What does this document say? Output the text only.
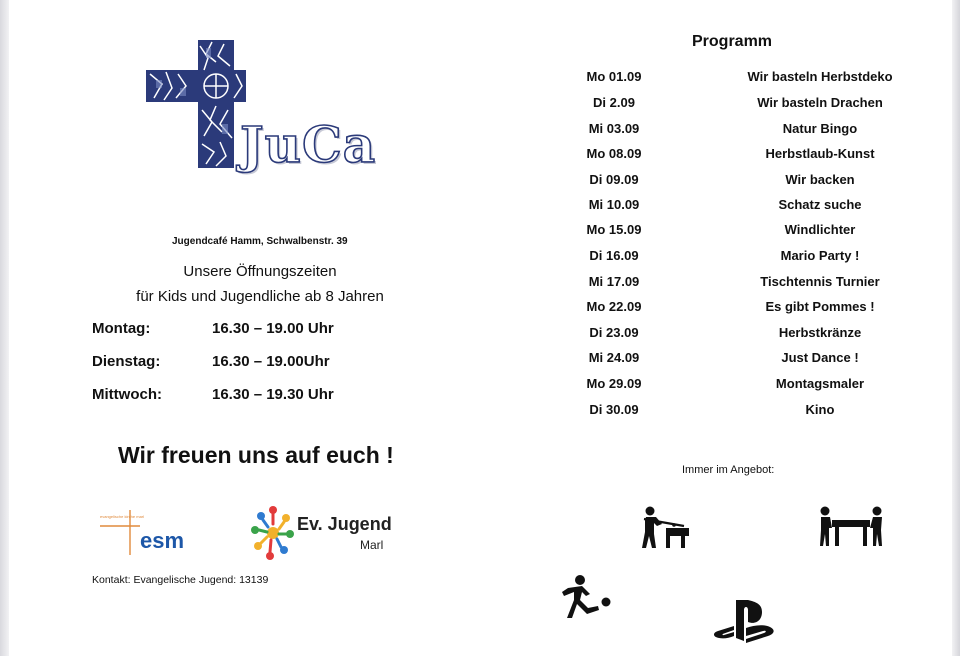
JuCa
Jugendcafé Hamm, Schwalbenstr. 39
Unsere Öffnungszeiten
für Kids und Jugendliche ab 8 Jahren
Montag:	16.30 – 19.00 Uhr
Dienstag:	16.30 – 19.00Uhr
Mittwoch:	16.30 – 19.30 Uhr
Wir freuen uns auf euch !
evangelische kirche marl
esm
Ev. Jugend
Marl
Kontakt: Evangelische Jugend: 13139
Programm
Mo 01.09	Wir basteln Herbstdeko
Di 2.09	Wir basteln Drachen
Mi 03.09	Natur Bingo
Mo 08.09	Herbstlaub-Kunst
Di 09.09	Wir backen
Mi 10.09	Schatz suche
Mo 15.09	Windlichter
Di 16.09	Mario Party !
Mi 17.09	Tischtennis Turnier
Mo 22.09	Es gibt Pommes !
Di 23.09	Herbstkränze
Mi 24.09	Just Dance !
Mo 29.09	Montagsmaler
Di 30.09	Kino
Immer im Angebot:
